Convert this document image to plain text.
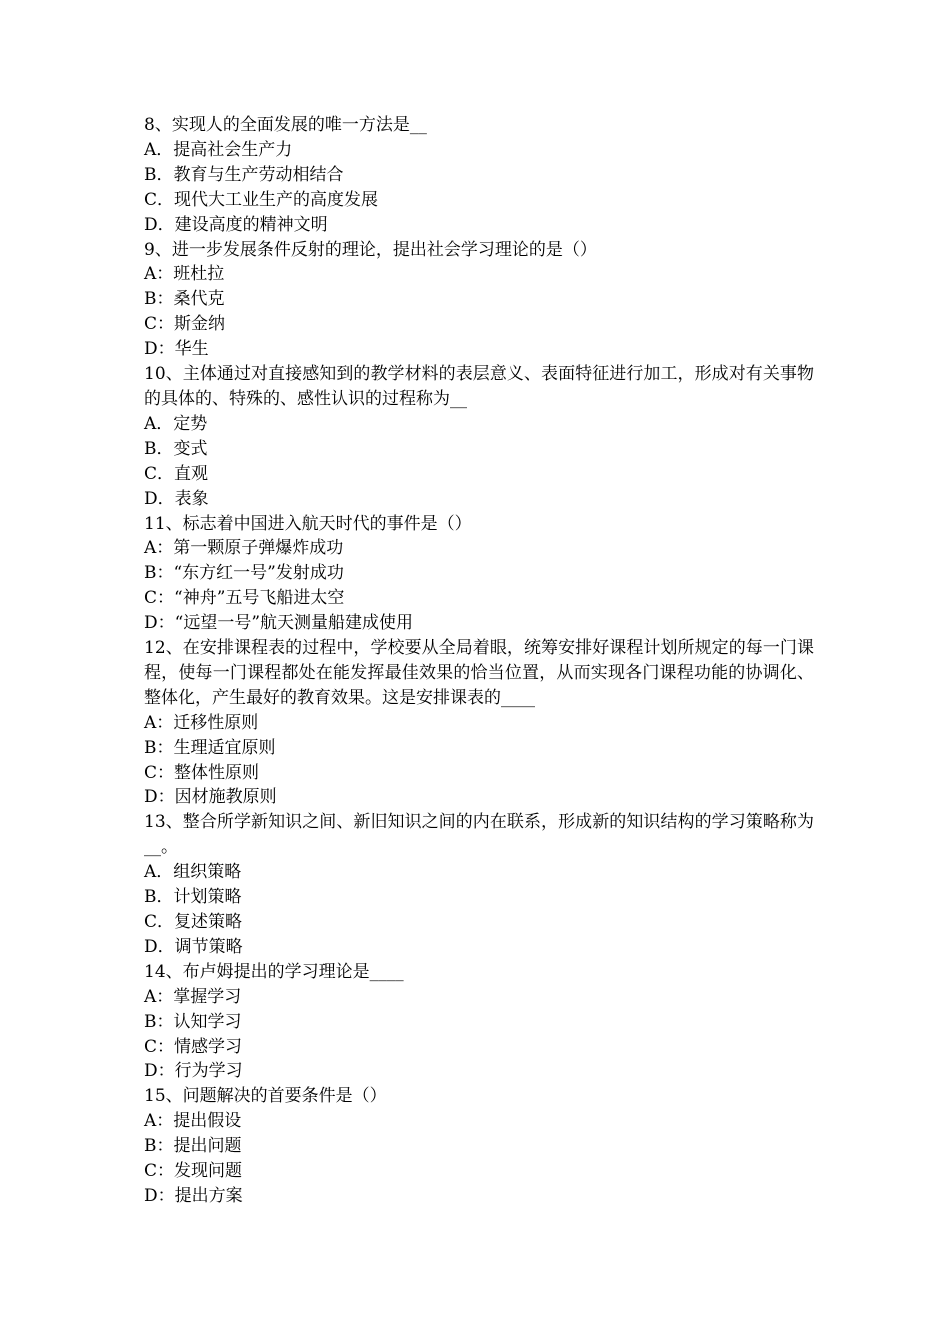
8、实现人的全面发展的唯一方法是__

A．提高社会生产力

B．教育与生产劳动相结合

C．现代大工业生产的高度发展

D．建设高度的精神文明

9、进一步发展条件反射的理论，提出社会学习理论的是（）

A：班杜拉

B：桑代克

C：斯金纳

D：华生

10、主体通过对直接感知到的教学材料的表层意义、表面特征进行加工，形成对有关事物的具体的、特殊的、感性认识的过程称为__

A．定势

B．变式

C．直观

D．表象

11、标志着中国进入航天时代的事件是（）

A：第一颗原子弹爆炸成功

B：“东方红一号”发射成功

C：“神舟”五号飞船进太空

D：“远望一号”航天测量船建成使用

12、在安排课程表的过程中，学校要从全局着眼，统筹安排好课程计划所规定的每一门课程，使每一门课程都处在能发挥最佳效果的恰当位置，从而实现各门课程功能的协调化、整体化，产生最好的教育效果。这是安排课表的____

A：迁移性原则

B：生理适宜原则

C：整体性原则

D：因材施教原则

13、整合所学新知识之间、新旧知识之间的内在联系，形成新的知识结构的学习策略称为__。

A．组织策略

B．计划策略

C．复述策略

D．调节策略

14、布卢姆提出的学习理论是____

A：掌握学习

B：认知学习

C：情感学习

D：行为学习

15、问题解决的首要条件是（）

A：提出假设

B：提出问题

C：发现问题

D：提出方案
